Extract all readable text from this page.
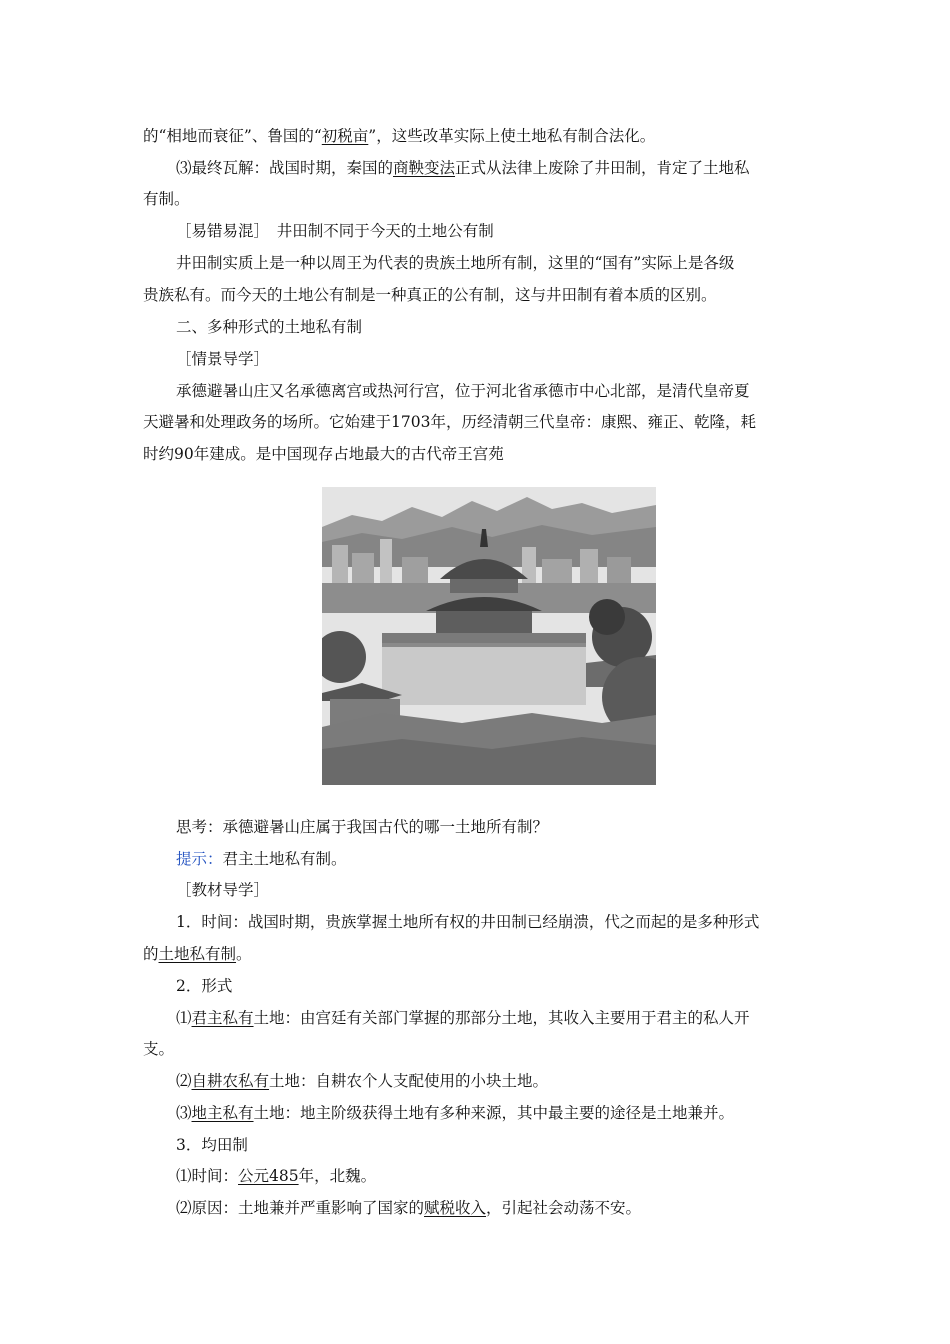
的“相地而衰征”、鲁国的“初税亩”，这些改革实际上使土地私有制合法化。
⑶最终瓦解：战国时期，秦国的商鞅变法正式从法律上废除了井田制，肯定了土地私
有制。
［易错易混］　井田制不同于今天的土地公有制
井田制实质上是一种以周王为代表的贵族土地所有制，这里的“国有”实际上是各级
贵族私有。而今天的土地公有制是一种真正的公有制，这与井田制有着本质的区别。
二、多种形式的土地私有制
［情景导学］
承德避暑山庄又名承德离宫或热河行宫，位于河北省承德市中心北部，是清代皇帝夏
天避暑和处理政务的场所。它始建于1703年，历经清朝三代皇帝：康熙、雍正、乾隆，耗
时约90年建成。是中国现存占地最大的古代帝王宫苑
思考：承德避暑山庄属于我国古代的哪一土地所有制？
提示：君主土地私有制。
［教材导学］
1．时间：战国时期，贵族掌握土地所有权的井田制已经崩溃，代之而起的是多种形式
的土地私有制。
2．形式
⑴君主私有土地：由宫廷有关部门掌握的那部分土地，其收入主要用于君主的私人开
支。
⑵自耕农私有土地：自耕农个人支配使用的小块土地。
⑶地主私有土地：地主阶级获得土地有多种来源，其中最主要的途径是土地兼并。
3．均田制
⑴时间：公元485年，北魏。
⑵原因：土地兼并严重影响了国家的赋税收入，引起社会动荡不安。
